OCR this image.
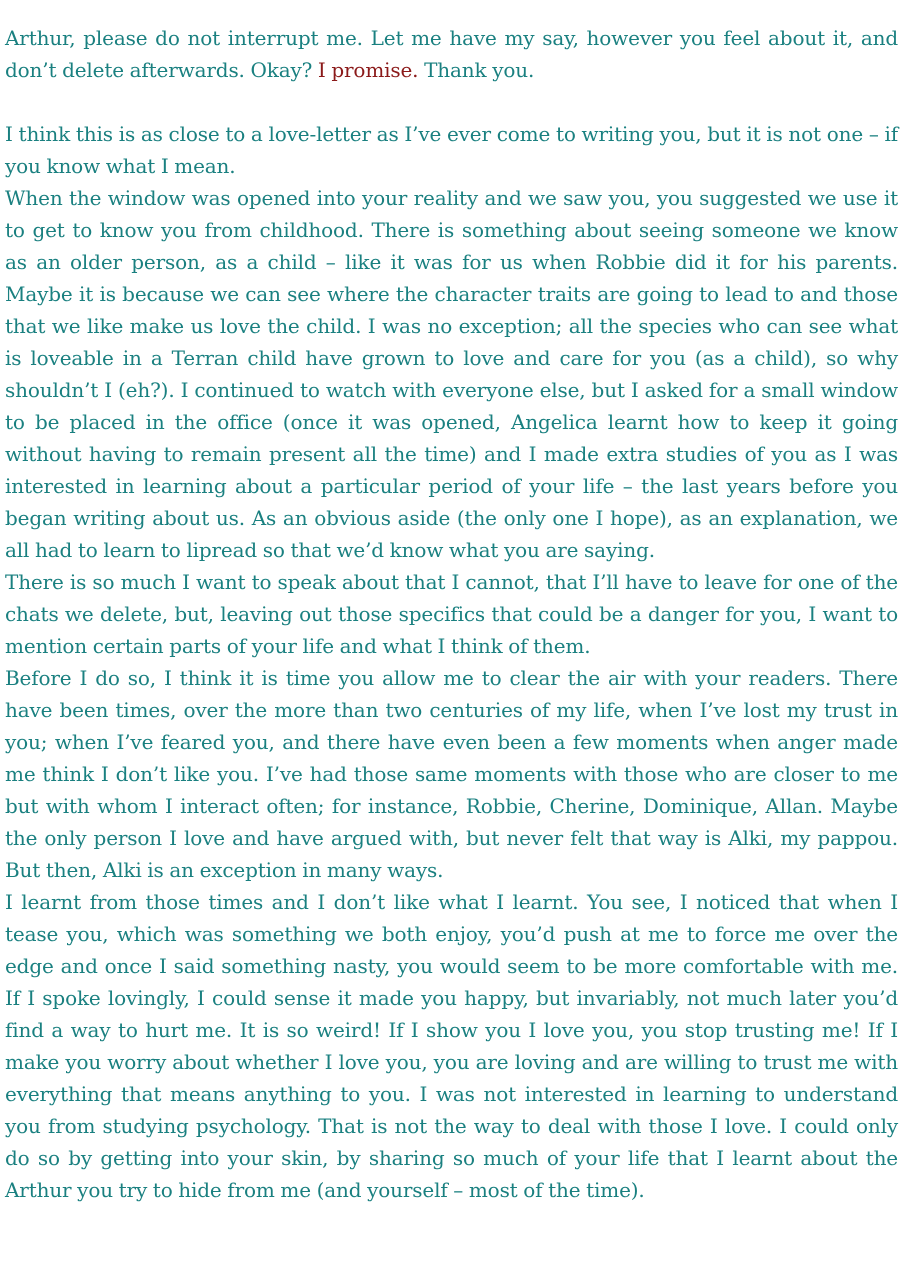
Arthur, please do not interrupt me. Let me have my say, however you feel about it, and don’t delete afterwards. Okay? I promise. Thank you.

I think this is as close to a love-letter as I’ve ever come to writing you, but it is not one – if you know what I mean.

When the window was opened into your reality and we saw you, you suggested we use it to get to know you from childhood. There is something about seeing someone we know as an older person, as a child – like it was for us when Robbie did it for his parents. Maybe it is because we can see where the character traits are going to lead to and those that we like make us love the child. I was no exception; all the species who can see what is loveable in a Terran child have grown to love and care for you (as a child), so why shouldn’t I (eh?). I continued to watch with everyone else, but I asked for a small window to be placed in the office (once it was opened, Angelica learnt how to keep it going without having to remain present all the time) and I made extra studies of you as I was interested in learning about a particular period of your life – the last years before you began writing about us. As an obvious aside (the only one I hope), as an explanation, we all had to learn to lipread so that we’d know what you are saying.

There is so much I want to speak about that I cannot, that I’ll have to leave for one of the chats we delete, but, leaving out those specifics that could be a danger for you, I want to mention certain parts of your life and what I think of them.

Before I do so, I think it is time you allow me to clear the air with your readers. There have been times, over the more than two centuries of my life, when I’ve lost my trust in you; when I’ve feared you, and there have even been a few moments when anger made me think I don’t like you. I’ve had those same moments with those who are closer to me but with whom I interact often; for instance, Robbie, Cherine, Dominique, Allan. Maybe the only person I love and have argued with, but never felt that way is Alki, my pappou. But then, Alki is an exception in many ways.

I learnt from those times and I don’t like what I learnt. You see, I noticed that when I tease you, which was something we both enjoy, you’d push at me to force me over the edge and once I said something nasty, you would seem to be more comfortable with me. If I spoke lovingly, I could sense it made you happy, but invariably, not much later you’d find a way to hurt me. It is so weird! If I show you I love you, you stop trusting me! If I make you worry about whether I love you, you are loving and are willing to trust me with everything that means anything to you. I was not interested in learning to understand you from studying psychology. That is not the way to deal with those I love. I could only do so by getting into your skin, by sharing so much of your life that I learnt about the Arthur you try to hide from me (and yourself – most of the time).
